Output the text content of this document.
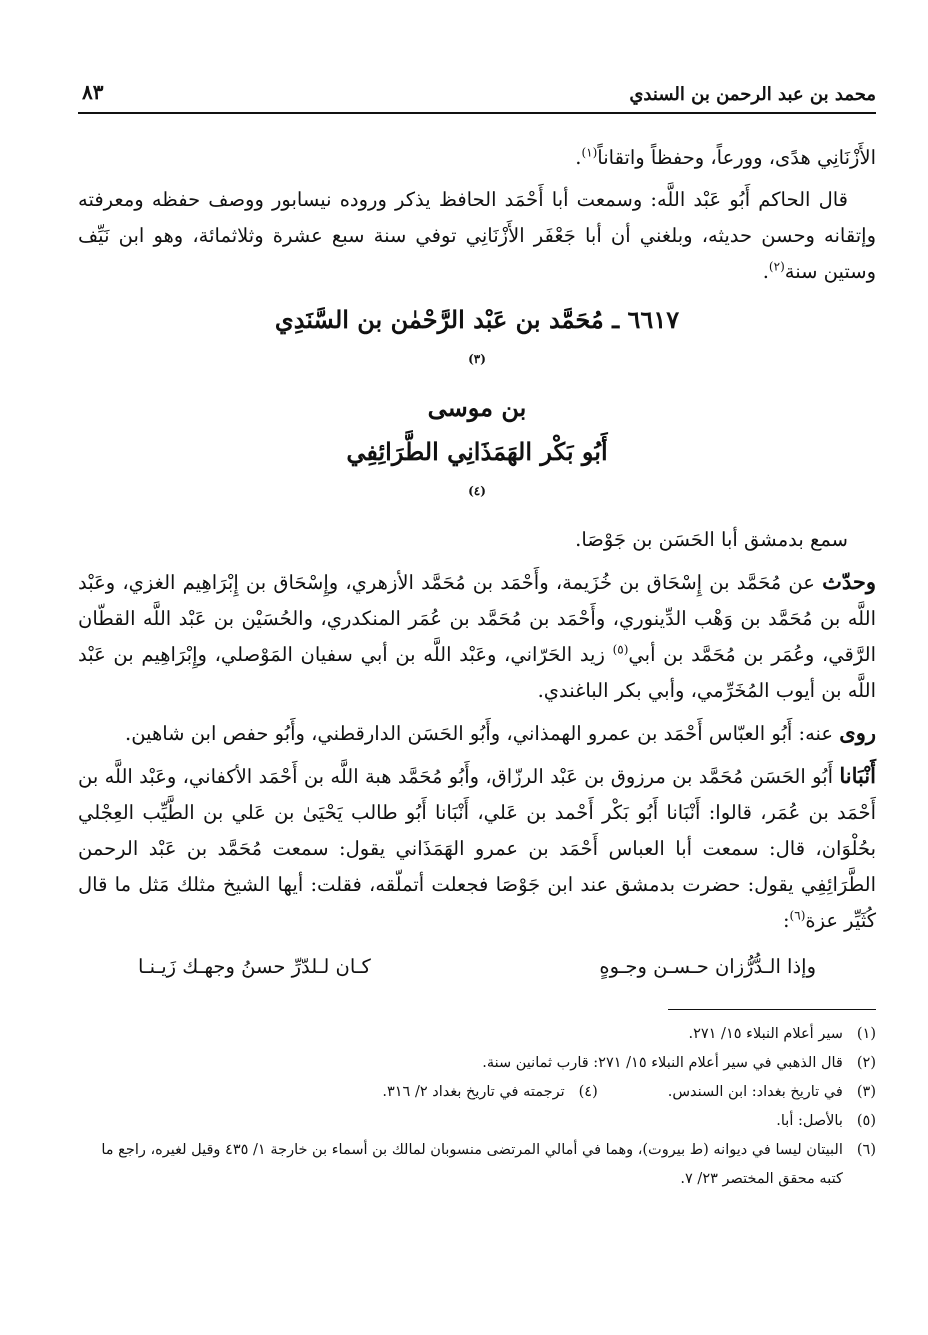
محمد بن عبد الرحمن بن السندي
٨٣

الأَزْنَانِي هدًى، وورعاً، وحفظاً واتقاناً$^{(١)}$.

قال الحاكم أَبُو عَبْد اللَّه: وسمعت أبا أَحْمَد الحافظ يذكر وروده نيسابور ووصف حفظه ومعرفته وإتقانه وحسن حديثه، وبلغني أن أبا جَعْفَر الأَزْنَانِي توفي سنة سبع عشرة وثلاثمائة، وهو ابن نَيِّف وستين سنة$^{(٢)}$.

٦٦١٧ ـ مُحَمَّد بن عَبْد الرَّحْمٰن بن السَّنَدِي
$^{(٣)}$
بن موسى
أَبُو بَكْر الهَمَذَانِي الطَّرَائِفِي
$^{(٤)}$

سمع بدمشق أبا الحَسَن بن جَوْصَا.

وحدّث عن مُحَمَّد بن إِسْحَاق بن خُزَيمة، وأَحْمَد بن مُحَمَّد الأزهري، وإِسْحَاق بن إِبْرَاهِيم الغزي، وعَبْد اللَّه بن مُحَمَّد بن وَهْب الدِّينوري، وأَحْمَد بن مُحَمَّد بن عُمَر المنكدري، والحُسَيْن بن عَبْد اللَّه القطّان الرَّقي، وعُمَر بن مُحَمَّد بن أبي$^{(٥)}$ زيد الحَرّاني، وعَبْد اللَّه بن أبي سفيان المَوْصلي، وإِبْرَاهِيم بن عَبْد اللَّه بن أيوب المُخَرِّمي، وأبي بكر الباغندي.

روى عنه: أَبُو العبّاس أَحْمَد بن عمرو الهمذاني، وأَبُو الحَسَن الدارقطني، وأَبُو حفص ابن شاهين.

أَنْبَانا أَبُو الحَسَن مُحَمَّد بن مرزوق بن عَبْد الرزّاق، وأَبُو مُحَمَّد هبة اللَّه بن أَحْمَد الأكفاني، وعَبْد اللَّه بن أَحْمَد بن عُمَر، قالوا: أَنْبَانا أَبُو بَكْر أَحْمد بن عَلي، أَنْبَانا أَبُو طالب يَحْيَىٰ بن عَلي بن الطَّيِّب العِجْلي بحُلْوَان، قال: سمعت أبا العباس أَحْمَد بن عمرو الهَمَذَاني يقول: سمعت مُحَمَّد بن عَبْد الرحمن الطَّرَائِفِي يقول: حضرت بدمشق عند ابن جَوْصَا فجعلت أتملّقه، فقلت: أيها الشيخ مثلك مَثل ما قال كُثَيِّر عزة$^{(٦)}$:

وإذا الـدُّرُّزان حـسـن وجـوهٍ
كـان لـلدّرِّ حسنُ وجهـك زَيـنـا
(١)
سير أعلام النبلاء ١٥/ ٢٧١.
(٢)
قال الذهبي في سير أعلام النبلاء ١٥/ ٢٧١: قارب ثمانين سنة.
(٣)
في تاريخ بغداد: ابن السندس.
(٤)
ترجمته في تاريخ بغداد ٢/ ٣١٦.
(٥)
بالأصل: أبا.
(٦)
البيتان ليسا في ديوانه (ط بيروت)، وهما في أمالي المرتضى منسوبان لمالك بن أسماء بن خارجة ١/ ٤٣٥ وقيل لغيره، راجع ما كتبه محقق المختصر ٢٣/ ٧.
